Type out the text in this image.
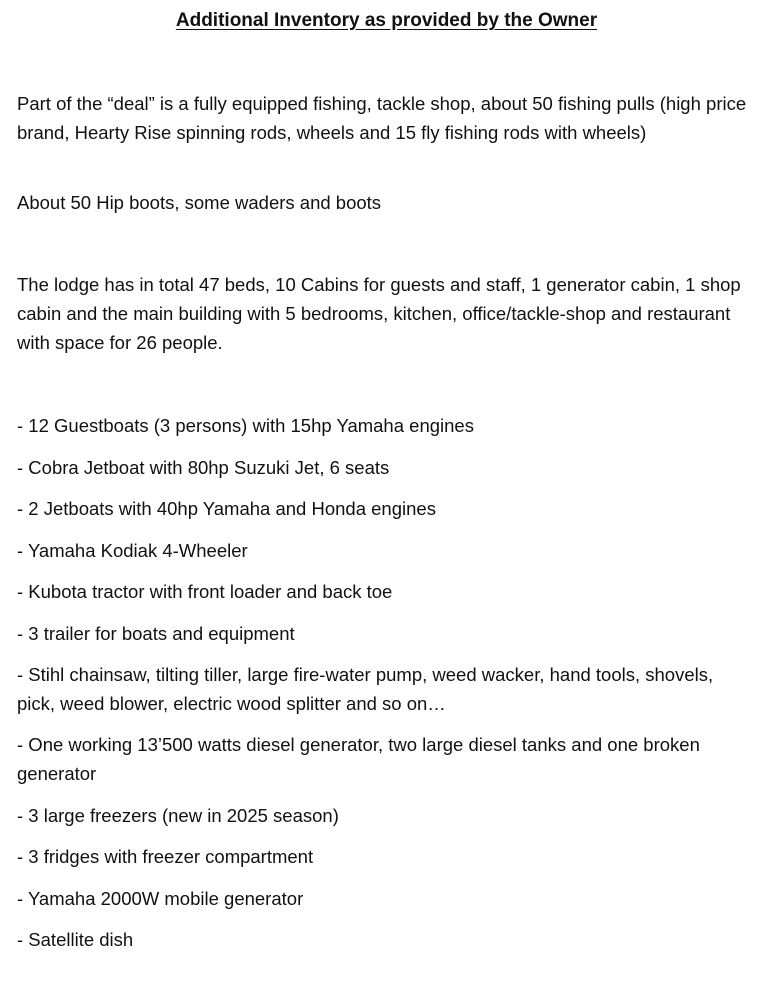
Additional Inventory as provided by the Owner

Part of the “deal” is a fully equipped fishing, tackle shop, about 50 fishing pulls (high price brand, Hearty Rise spinning rods, wheels and 15 fly fishing rods with wheels)

About 50 Hip boots, some waders and boots

The lodge has in total 47 beds, 10 Cabins for guests and staff, 1 generator cabin, 1 shop cabin and the main building with 5 bedrooms, kitchen, office/tackle-shop and restaurant with space for 26 people.

- 12 Guestboats (3 persons) with 15hp Yamaha engines

- Cobra Jetboat with 80hp Suzuki Jet, 6 seats

- 2 Jetboats with 40hp Yamaha and Honda engines

- Yamaha Kodiak 4-Wheeler

- Kubota tractor with front loader and back toe

- 3 trailer for boats and equipment

- Stihl chainsaw, tilting tiller, large fire-water pump, weed wacker, hand tools, shovels, pick, weed blower, electric wood splitter and so on…

- One working 13’500 watts diesel generator, two large diesel tanks and one broken generator

- 3 large freezers (new in 2025 season)

- 3 fridges with freezer compartment

- Yamaha 2000W mobile generator

- Satellite dish
